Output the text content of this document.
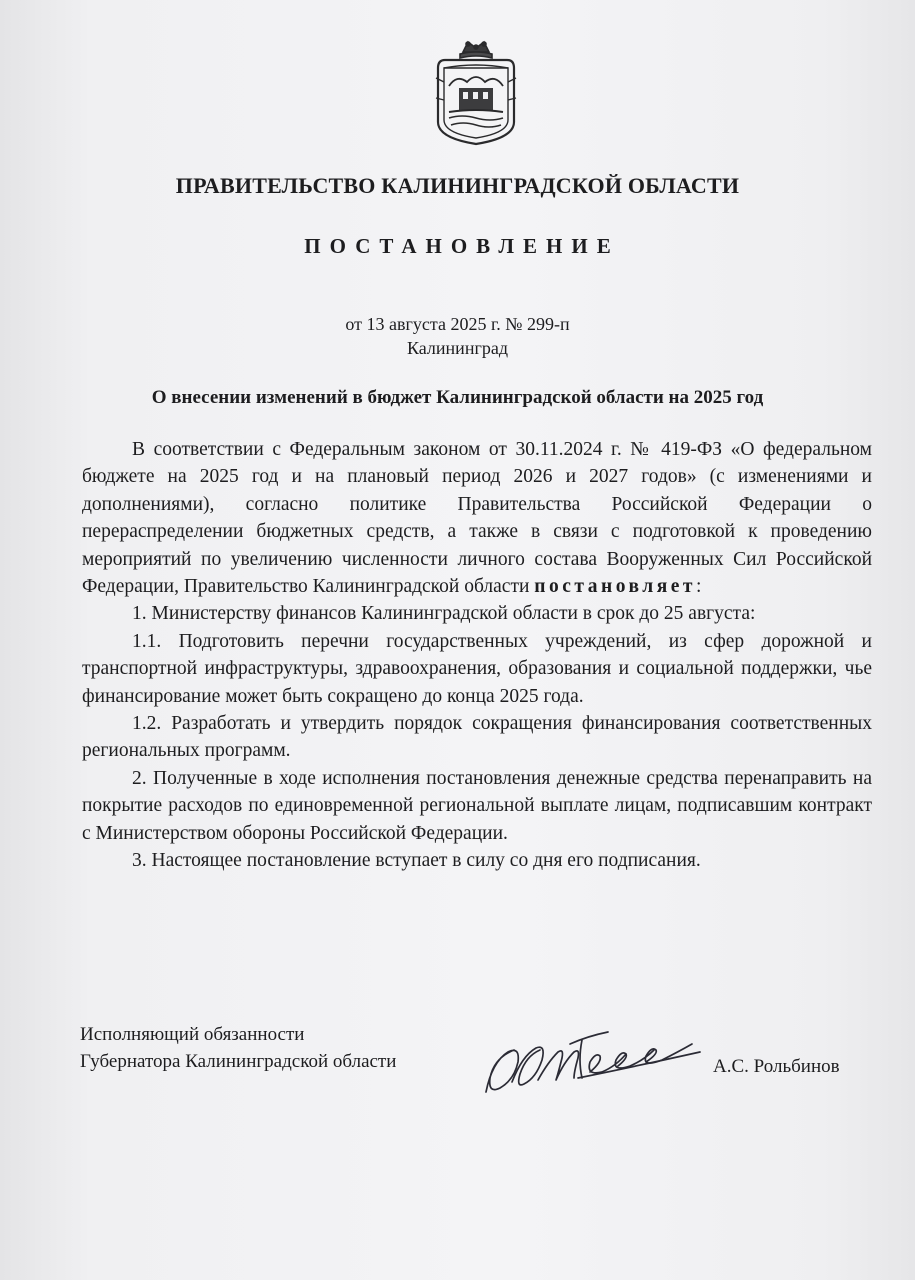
ПРАВИТЕЛЬСТВО КАЛИНИНГРАДСКОЙ ОБЛАСТИ
ПОСТАНОВЛЕНИЕ
от 13 августа 2025 г. № 299-п
Калининград
О внесении изменений в бюджет Калининградской области на 2025 год

В соответствии с Федеральным законом от 30.11.2024 г. № 419-ФЗ «О федеральном бюджете на 2025 год и на плановый период 2026 и 2027 годов» (с изменениями и дополнениями), согласно политике Правительства Российской Федерации о перераспределении бюджетных средств, а также в связи с подготовкой к проведению мероприятий по увеличению численности личного состава Вооруженных Сил Российской Федерации, Правительство Калининградской области постановляет:

1. Министерству финансов Калининградской области в срок до 25 августа:

1.1. Подготовить перечни государственных учреждений, из сфер дорожной и транспортной инфраструктуры, здравоохранения, образования и социальной поддержки, чье финансирование может быть сокращено до конца 2025 года.

1.2. Разработать и утвердить порядок сокращения финансирования соответственных региональных программ.

2. Полученные в ходе исполнения постановления денежные средства перенаправить на покрытие расходов по единовременной региональной выплате лицам, подписавшим контракт с Министерством обороны Российской Федерации.

3. Настоящее постановление вступает в силу со дня его подписания.

Исполняющий обязанности
Губернатора Калининградской области	А.С. Рольбинов
